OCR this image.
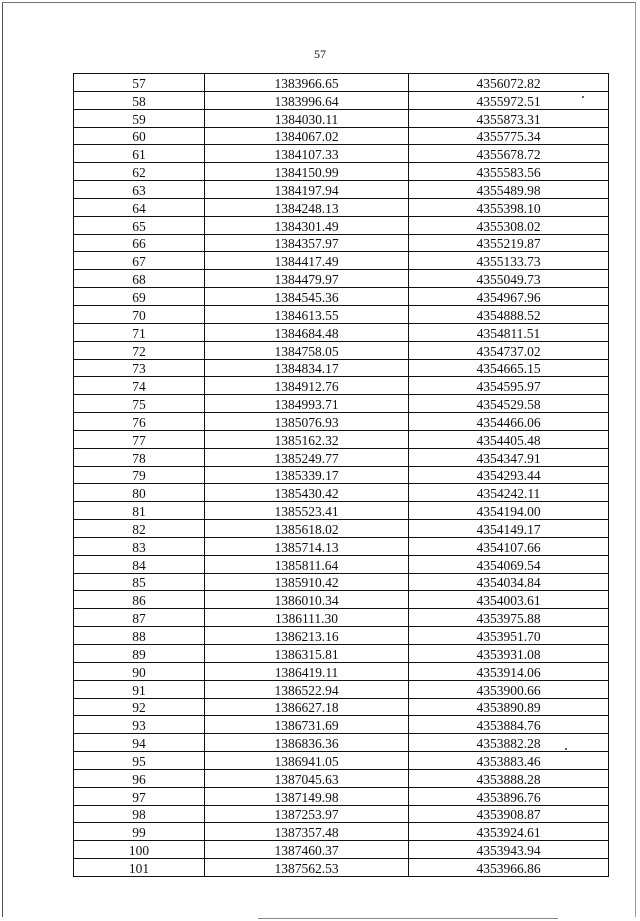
57
57	1383966.65	4356072.82
58	1383996.64	4355972.51
59	1384030.11	4355873.31
60	1384067.02	4355775.34
61	1384107.33	4355678.72
62	1384150.99	4355583.56
63	1384197.94	4355489.98
64	1384248.13	4355398.10
65	1384301.49	4355308.02
66	1384357.97	4355219.87
67	1384417.49	4355133.73
68	1384479.97	4355049.73
69	1384545.36	4354967.96
70	1384613.55	4354888.52
71	1384684.48	4354811.51
72	1384758.05	4354737.02
73	1384834.17	4354665.15
74	1384912.76	4354595.97
75	1384993.71	4354529.58
76	1385076.93	4354466.06
77	1385162.32	4354405.48
78	1385249.77	4354347.91
79	1385339.17	4354293.44
80	1385430.42	4354242.11
81	1385523.41	4354194.00
82	1385618.02	4354149.17
83	1385714.13	4354107.66
84	1385811.64	4354069.54
85	1385910.42	4354034.84
86	1386010.34	4354003.61
87	1386111.30	4353975.88
88	1386213.16	4353951.70
89	1386315.81	4353931.08
90	1386419.11	4353914.06
91	1386522.94	4353900.66
92	1386627.18	4353890.89
93	1386731.69	4353884.76
94	1386836.36	4353882.28
95	1386941.05	4353883.46
96	1387045.63	4353888.28
97	1387149.98	4353896.76
98	1387253.97	4353908.87
99	1387357.48	4353924.61
100	1387460.37	4353943.94
101	1387562.53	4353966.86
